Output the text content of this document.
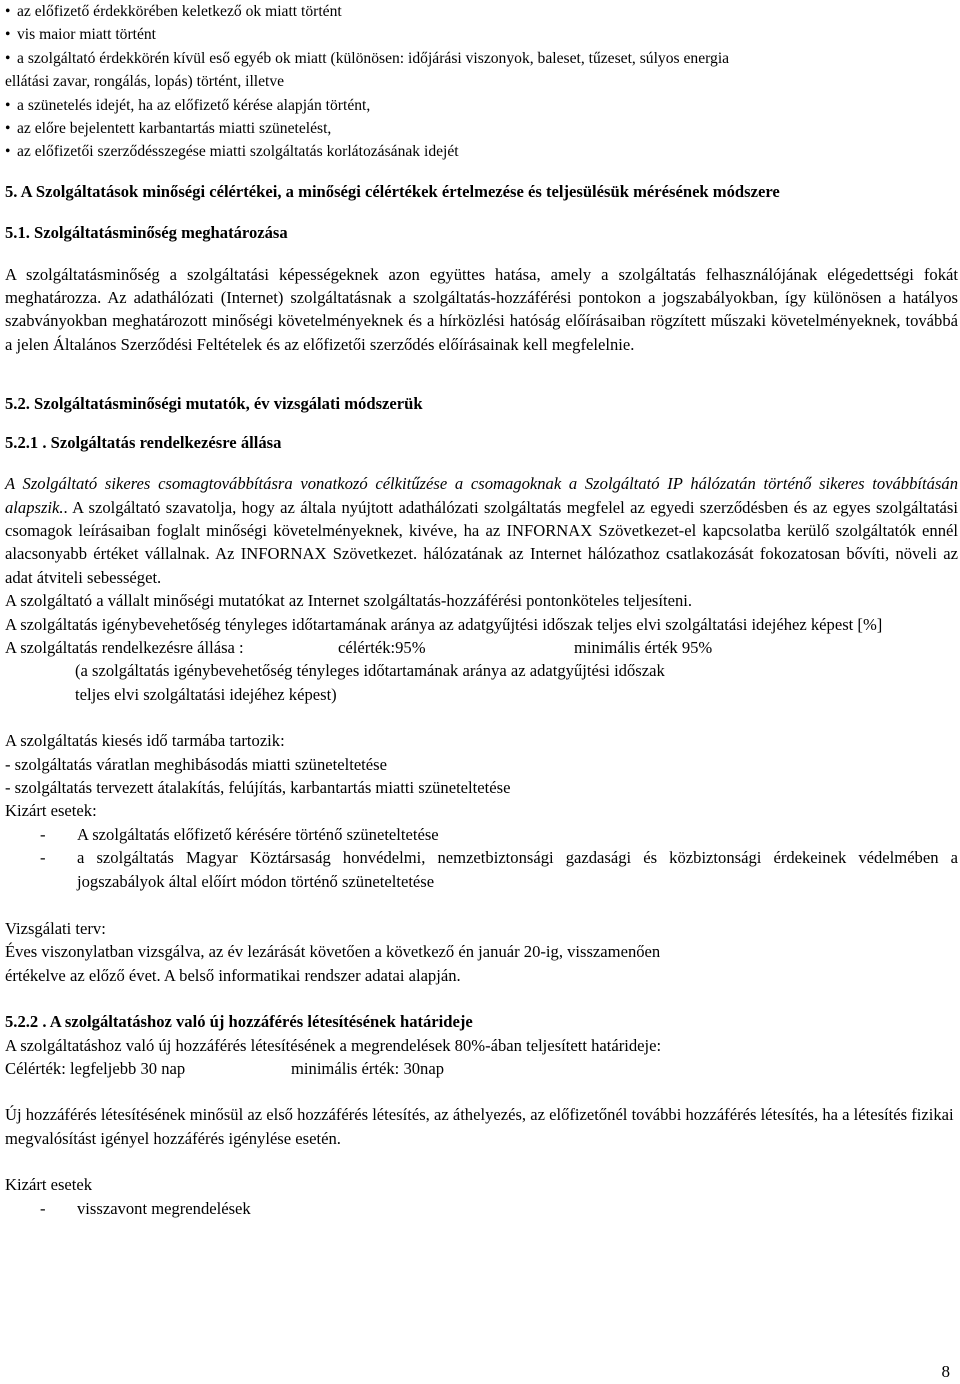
• az előfizető érdekkörében keletkező ok miatt történt
• vis maior miatt történt
• a szolgáltató érdekkörén kívül eső egyéb ok miatt (különösen: időjárási viszonyok, baleset, tűzeset, súlyos energia
ellátási zavar, rongálás, lopás) történt, illetve
• a szünetelés idejét, ha az előfizető kérése alapján történt,
• az előre bejelentett karbantartás miatti szünetelést,
• az előfizetői szerződésszegése miatti szolgáltatás korlátozásának idejét
5. A Szolgáltatások minőségi célértékei, a minőségi célértékek értelmezése és teljesülésük mérésének módszere
5.1. Szolgáltatásminőség meghatározása
A szolgáltatásminőség a szolgáltatási képességeknek azon együttes hatása, amely a szolgáltatás felhasználójának elégedettségi fokát meghatározza. Az adathálózati (Internet) szolgáltatásnak a szolgáltatás-hozzáférési pontokon a jogszabályokban, így különösen a hatályos szabványokban meghatározott minőségi követelményeknek és a hírközlési hatóság előírásaiban rögzített műszaki követelményeknek, továbbá a jelen Általános Szerződési Feltételek és az előfizetői szerződés előírásainak kell megfelelnie.
5.2. Szolgáltatásminőségi mutatók, év vizsgálati módszerük
5.2.1 . Szolgáltatás rendelkezésre állása
A Szolgáltató sikeres csomagtovábbításra vonatkozó célkitűzése a csomagoknak a Szolgáltató IP hálózatán történő sikeres továbbításán alapszik.. A szolgáltató szavatolja, hogy az általa nyújtott adathálózati szolgáltatás megfelel az egyedi szerződésben és az egyes szolgáltatási csomagok leírásaiban foglalt minőségi követelményeknek, kivéve, ha az INFORNAX Szövetkezet-el kapcsolatba kerülő szolgáltatók ennél alacsonyabb értéket vállalnak. Az INFORNAX Szövetkezet. hálózatának az Internet hálózathoz csatlakozását fokozatosan bővíti, növeli az adat átviteli sebességet.
A szolgáltató a vállalt minőségi mutatókat az Internet szolgáltatás-hozzáférési pontonköteles teljesíteni.
A szolgáltatás igénybevehetőség tényleges időtartamának aránya az adatgyűjtési időszak teljes elvi szolgáltatási idejéhez képest [%]
A szolgáltatás rendelkezésre állása :	célérték:95%	minimális érték 95%
(a szolgáltatás igénybevehetőség tényleges időtartamának aránya az adatgyűjtési időszak teljes elvi szolgáltatási idejéhez képest)
A szolgáltatás kiesés idő tarmába tartozik:
- szolgáltatás váratlan meghibásodás miatti szüneteltetése
- szolgáltatás tervezett átalakítás, felújítás, karbantartás miatti szüneteltetése
Kizárt esetek:
-	A szolgáltatás előfizető kérésére történő szüneteltetése
-	a szolgáltatás Magyar Köztársaság honvédelmi, nemzetbiztonsági gazdasági és közbiztonsági érdekeinek védelmében a jogszabályok által előírt módon történő szüneteltetése
Vizsgálati terv:
Éves viszonylatban vizsgálva, az év lezárását követően a következő én január 20-ig, visszamenően értékelve az előző évet. A belső informatikai rendszer adatai alapján.
5.2.2 . A szolgáltatáshoz való új hozzáférés létesítésének határideje
A szolgáltatáshoz való új hozzáférés létesítésének a megrendelések 80%-ában teljesített határideje:
Célérték: legfeljebb 30 nap	minimális érték: 30nap
Új hozzáférés létesítésének minősül az első hozzáférés létesítés, az áthelyezés, az előfizetőnél további hozzáférés létesítés, ha a létesítés fizikai megvalósítást igényel hozzáférés igénylése esetén.
Kizárt esetek
-	visszavont megrendelések
8
